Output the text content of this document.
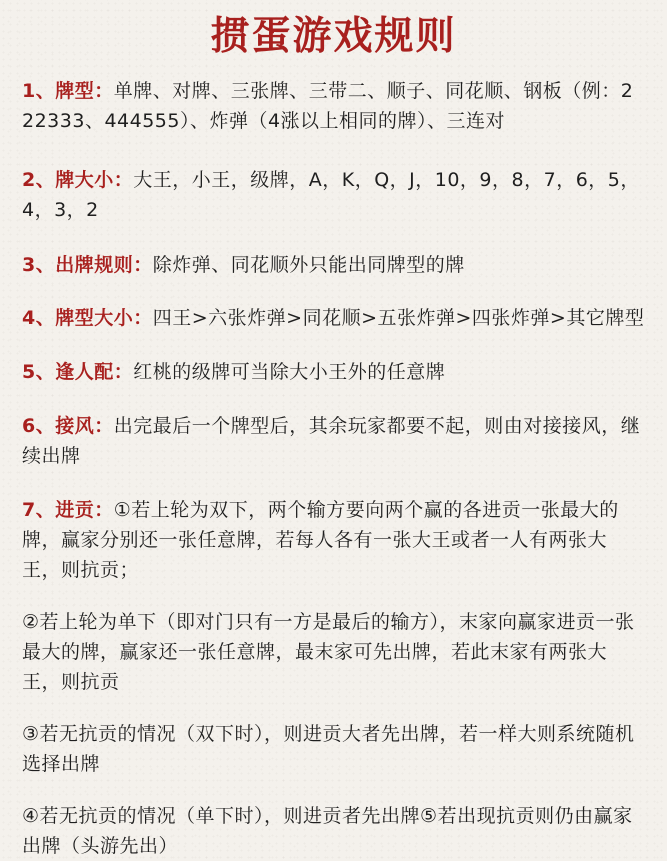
掼蛋游戏规则

1、牌型：单牌、对牌、三张牌、三带二、顺子、同花顺、钢板（例：222333、444555）、炸弹（4涨以上相同的牌）、三连对

2、牌大小：大王，小王，级牌，A，K，Q，J，10，9，8，7，6，5，4，3，2

3、出牌规则：除炸弹、同花顺外只能出同牌型的牌

4、牌型大小：四王>六张炸弹>同花顺>五张炸弹>四张炸弹>其它牌型

5、逢人配：红桃的级牌可当除大小王外的任意牌

6、接风：出完最后一个牌型后，其余玩家都要不起，则由对接接风，继续出牌

7、进贡：①若上轮为双下，两个输方要向两个赢的各进贡一张最大的牌，赢家分别还一张任意牌，若每人各有一张大王或者一人有两张大王，则抗贡；

②若上轮为单下（即对门只有一方是最后的输方），末家向赢家进贡一张最大的牌，赢家还一张任意牌，最末家可先出牌，若此末家有两张大王，则抗贡

③若无抗贡的情况（双下时），则进贡大者先出牌，若一样大则系统随机选择出牌

④若无抗贡的情况（单下时），则进贡者先出牌⑤若出现抗贡则仍由赢家出牌（头游先出）
